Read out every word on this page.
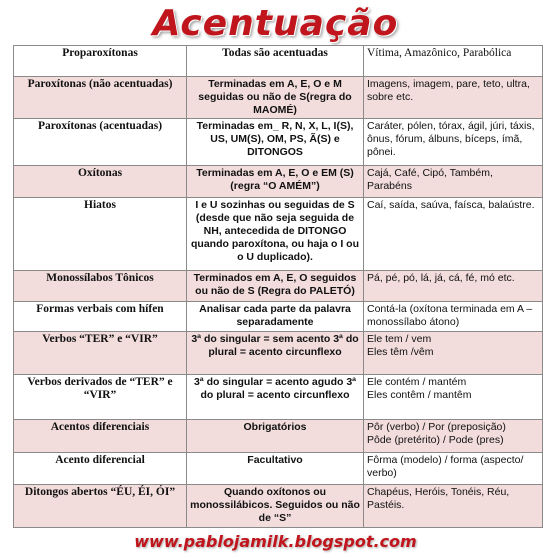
Acentuação
Proparoxítonas	Todas são acentuadas	Vítima, Amazônico, Parabólica
Paroxítonas (não acentuadas)	Terminadas em A, E, O e M seguidas ou não de S(regra do MAOMÉ)	Imagens, imagem, pare, teto, ultra, sobre etc.
Paroxítonas (acentuadas)	Terminadas em_ R, N, X, L, I(S), US, UM(S), OM, PS, Ã(S) e DITONGOS	Caráter, pólen, tórax, ágil, júri, táxis, ônus, fórum, álbuns, bíceps, ímã, pônei.
Oxítonas	Terminadas em A, E, O e EM (S) (regra “O AMÉM”)	Cajá, Café, Cipó, Também, Parabéns
Hiatos	I e U sozinhas ou seguidas de S (desde que não seja seguida de NH, antecedida de DITONGO quando paroxítona, ou haja o I ou o U duplicado).	Caí, saída, saúva, faísca, balaústre.
Monossílabos Tônicos	Terminados em A, E, O seguidos ou não de S (Regra do PALETÓ)	Pá, pé, pó, lá, já, cá, fé, mó etc.
Formas verbais com hífen	Analisar cada parte da palavra separadamente	Contá-la (oxítona terminada em A – monossílabo átono)
Verbos “TER” e “VIR”	3ª do singular = sem acento 3ª do plural = acento circunflexo	Ele tem / vem
Eles têm /vêm
Verbos derivados de “TER” e “VIR”	3ª do singular = acento agudo 3ª do plural = acento circunflexo	Ele contém / mantém
Eles contêm / mantêm
Acentos diferenciais	Obrigatórios	Pôr (verbo) / Por (preposição)
Pôde (pretérito) / Pode (pres)
Acento diferencial	Facultativo	Fôrma (modelo) / forma (aspecto/ verbo)
Ditongos abertos “ÉU, ÉI, ÓI”	Quando oxítonos ou monossilábicos. Seguidos ou não de “S”	Chapéus, Heróis, Tonéis, Réu, Pastéis.
www.pablojamilk.blogspot.com
